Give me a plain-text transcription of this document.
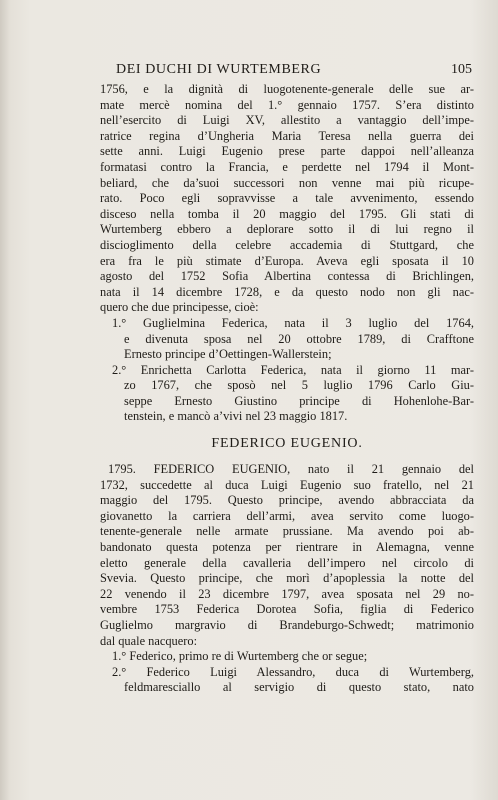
DEI DUCHI DI WURTEMBERG	105
1756, e la dignità di luogotenente-generale delle sue ar-
mate mercè nomina del 1.° gennaio 1757. S’era distinto
nell’esercito di Luigi XV, allestito a vantaggio dell’impe-
ratrice regina d’Ungheria Maria Teresa nella guerra dei
sette anni. Luigi Eugenio prese parte dappoi nell’alleanza
formatasi contro la Francia, e perdette nel 1794 il Mont-
beliard, che da’suoi successori non venne mai più ricupe-
rato. Poco egli sopravvisse a tale avvenimento, essendo
disceso nella tomba il 20 maggio del 1795. Gli stati di
Wurtemberg ebbero a deplorare sotto il di lui regno il
discioglimento della celebre accademia di Stuttgard, che
era fra le più stimate d’Europa. Aveva egli sposata il 10
agosto del 1752 Sofia Albertina contessa di Brichlingen,
nata il 14 dicembre 1728, e da questo nodo non gli nac-
quero che due principesse, cioè:
1.° Guglielmina Federica, nata il 3 luglio del 1764,
e divenuta sposa nel 20 ottobre 1789, di Crafftone
Ernesto principe d’Oettingen-Wallerstein;
2.° Enrichetta Carlotta Federica, nata il giorno 11 mar-
zo 1767, che sposò nel 5 luglio 1796 Carlo Giu-
seppe Ernesto Giustino principe di Hohenlohe-Bar-
tenstein, e mancò a’vivi nel 23 maggio 1817.
FEDERICO EUGENIO.
1795. FEDERICO EUGENIO, nato il 21 gennaio del
1732, succedette al duca Luigi Eugenio suo fratello, nel 21
maggio del 1795. Questo principe, avendo abbracciata da
giovanetto la carriera dell’armi, avea servito come luogo-
tenente-generale nelle armate prussiane. Ma avendo poi ab-
bandonato questa potenza per rientrare in Alemagna, venne
eletto generale della cavalleria dell’impero nel circolo di
Svevia. Questo principe, che morì d’apoplessia la notte del
22 venendo il 23 dicembre 1797, avea sposata nel 29 no-
vembre 1753 Federica Dorotea Sofia, figlia di Federico
Guglielmo margravio di Brandeburgo-Schwedt; matrimonio
dal quale nacquero:
1.° Federico, primo re di Wurtemberg che or segue;
2.° Federico Luigi Alessandro, duca di Wurtemberg,
feldmaresciallo al servigio di questo stato, nato
